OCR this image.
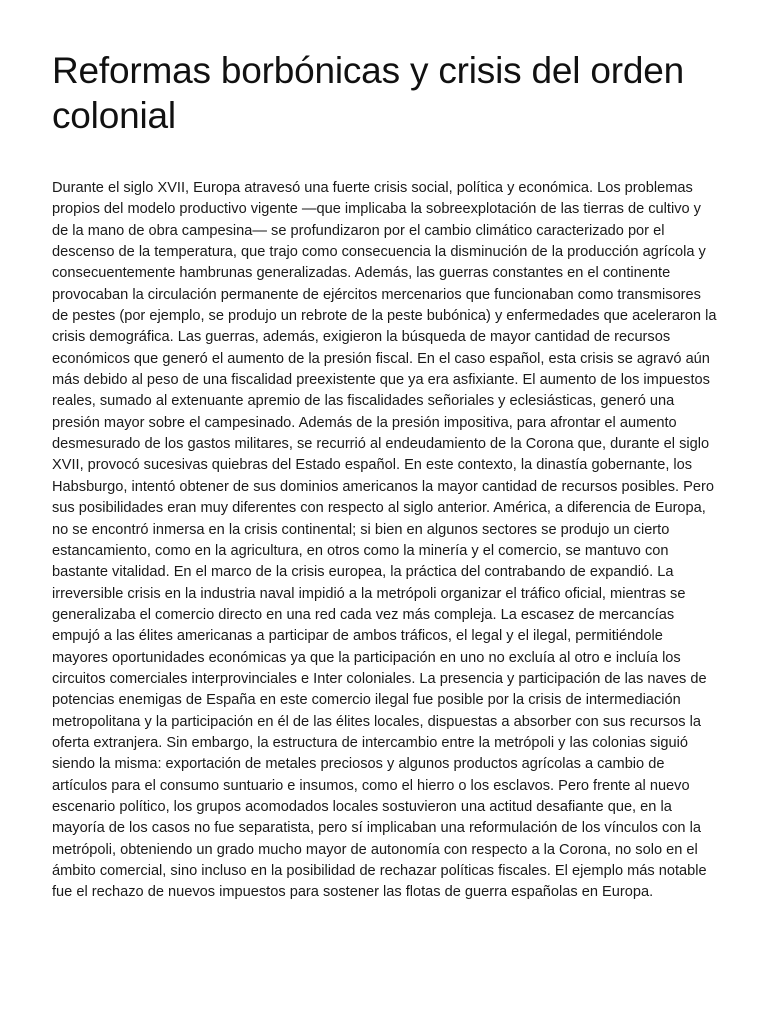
Reformas borbónicas y crisis del orden colonial

Durante el siglo XVII, Europa atravesó una fuerte crisis social, política y económica. Los problemas propios del modelo productivo vigente —que implicaba la sobreexplotación de las tierras de cultivo y de la mano de obra campesina— se profundizaron por el cambio climático caracterizado por el descenso de la temperatura, que trajo como consecuencia la disminución de la producción agrícola y consecuentemente hambrunas generalizadas. Además, las guerras constantes en el continente provocaban la circulación permanente de ejércitos mercenarios que funcionaban como transmisores de pestes (por ejemplo, se produjo un rebrote de la peste bubónica) y enfermedades que aceleraron la crisis demográfica. Las guerras, además, exigieron la búsqueda de mayor cantidad de recursos económicos que generó el aumento de la presión fiscal. En el caso español, esta crisis se agravó aún más debido al peso de una fiscalidad preexistente que ya era asfixiante. El aumento de los impuestos reales, sumado al extenuante apremio de las fiscalidades señoriales y eclesiásticas, generó una presión mayor sobre el campesinado. Además de la presión impositiva, para afrontar el aumento desmesurado de los gastos militares, se recurrió al endeudamiento de la Corona que, durante el siglo XVII, provocó sucesivas quiebras del Estado español. En este contexto, la dinastía gobernante, los Habsburgo, intentó obtener de sus dominios americanos la mayor cantidad de recursos posibles. Pero sus posibilidades eran muy diferentes con respecto al siglo anterior. América, a diferencia de Europa, no se encontró inmersa en la crisis continental; si bien en algunos sectores se produjo un cierto estancamiento, como en la agricultura, en otros como la minería y el comercio, se mantuvo con bastante vitalidad. En el marco de la crisis europea, la práctica del contrabando de expandió. La irreversible crisis en la industria naval impidió a la metrópoli organizar el tráfico oficial, mientras se generalizaba el comercio directo en una red cada vez más compleja. La escasez de mercancías empujó a las élites americanas a participar de ambos tráficos, el legal y el ilegal, permitiéndole mayores oportunidades económicas ya que la participación en uno no excluía al otro e incluía los circuitos comerciales interprovinciales e Inter coloniales. La presencia y participación de las naves de potencias enemigas de España en este comercio ilegal fue posible por la crisis de intermediación metropolitana y la participación en él de las élites locales, dispuestas a absorber con sus recursos la oferta extranjera. Sin embargo, la estructura de intercambio entre la metrópoli y las colonias siguió siendo la misma: exportación de metales preciosos y algunos productos agrícolas a cambio de artículos para el consumo suntuario e insumos, como el hierro o los esclavos. Pero frente al nuevo escenario político, los grupos acomodados locales sostuvieron una actitud desafiante que, en la mayoría de los casos no fue separatista, pero sí implicaban una reformulación de los vínculos con la metrópoli, obteniendo un grado mucho mayor de autonomía con respecto a la Corona, no solo en el ámbito comercial, sino incluso en la posibilidad de rechazar políticas fiscales. El ejemplo más notable fue el rechazo de nuevos impuestos para sostener las flotas de guerra españolas en Europa.
